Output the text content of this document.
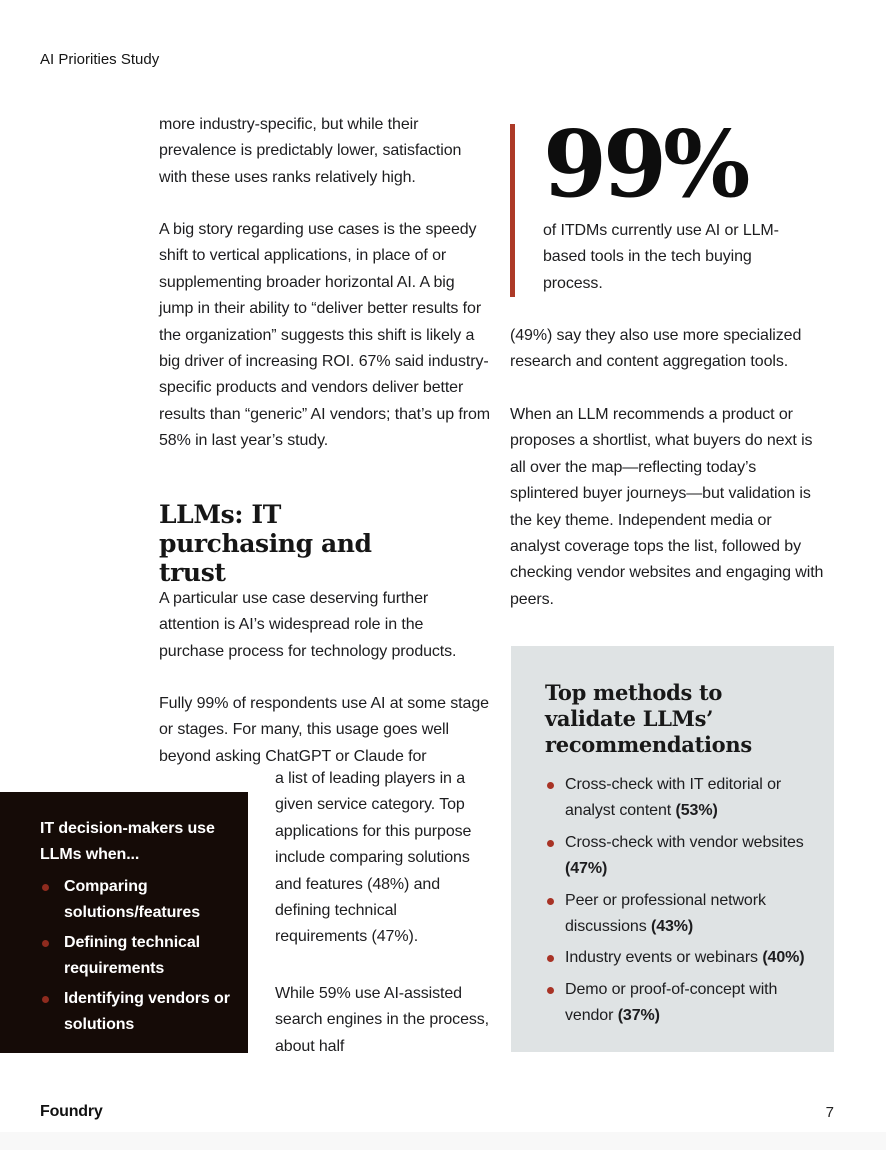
AI Priorities Study

more industry-specific, but while their prevalence is predictably lower, satisfaction with these uses ranks relatively high.

A big story regarding use cases is the speedy shift to vertical applications, in place of or supplementing broader horizontal AI. A big jump in their ability to “deliver better results for the organization” suggests this shift is likely a big driver of increasing ROI. 67% said industry-specific products and vendors deliver better results than “generic” AI vendors; that’s up from 58% in last year’s study.

LLMs: IT purchasing and trust

A particular use case deserving further attention is AI’s widespread role in the purchase process for technology products.

Fully 99% of respondents use AI at some stage or stages. For many, this usage goes well beyond asking ChatGPT or Claude for

a list of leading players in a given service category. Top applications for this purpose include comparing solutions and features (48%) and defining technical requirements (47%).

While 59% use AI-assisted search engines in the process, about half

99%
of ITDMs currently use AI or LLM-based tools in the tech buying process.

(49%) say they also use more specialized research and content aggregation tools.

When an LLM recommends a product or proposes a shortlist, what buyers do next is all over the map—reflecting today’s splintered buyer journeys—but validation is the key theme. Independent media or analyst coverage tops the list, followed by checking vendor websites and engaging with peers.

Top methods to validate LLMs’ recommendations
Cross-check with IT editorial or analyst content (53%)
Cross-check with vendor websites (47%)
Peer or professional network discussions (43%)
Industry events or webinars (40%)
Demo or proof-of-concept with vendor (37%)
IT decision-makers use LLMs when...
Comparing solutions/features
Defining technical requirements
Identifying vendors or solutions
Foundry	7
